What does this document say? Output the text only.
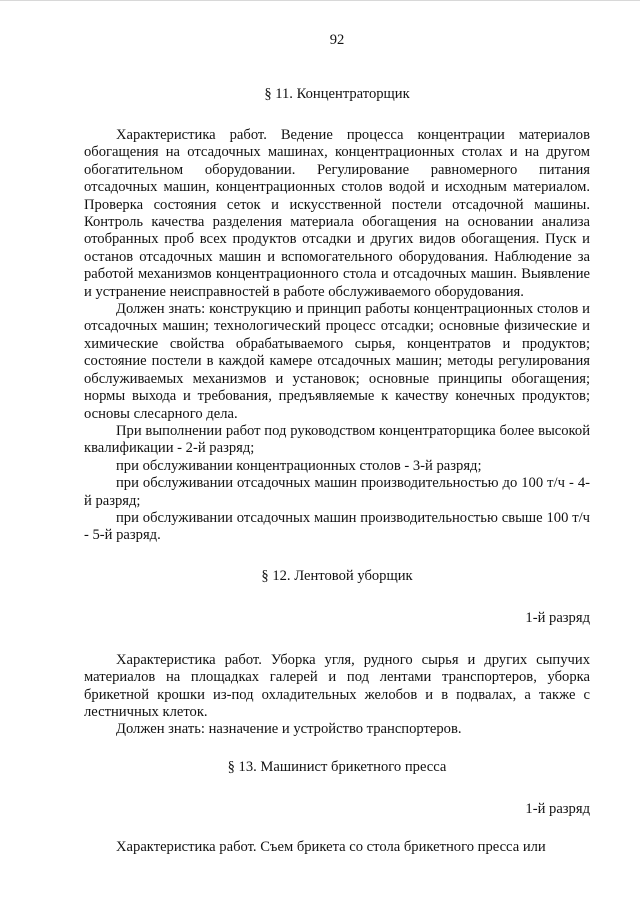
92
§ 11. Концентраторщик
Характеристика работ. Ведение процесса концентрации материалов обогащения на отсадочных машинах, концентрационных столах и на другом обогатительном оборудовании. Регулирование равномерного питания отсадочных машин, концентрационных столов водой и исходным материалом. Проверка состояния сеток и искусственной постели отсадочной машины. Контроль качества разделения материала обогащения на основании анализа отобранных проб всех продуктов отсадки и других видов обогащения. Пуск и останов отсадочных машин и вспомогательного оборудования. Наблюдение за работой механизмов концентрационного стола и отсадочных машин. Выявление и устранение неисправностей в работе обслуживаемого оборудования.
Должен знать: конструкцию и принцип работы концентрационных столов и отсадочных машин; технологический процесс отсадки; основные физические и химические свойства обрабатываемого сырья, концентратов и продуктов; состояние постели в каждой камере отсадочных машин; методы регулирования обслуживаемых механизмов и установок; основные принципы обогащения; нормы выхода и требования, предъявляемые к качеству конечных продуктов; основы слесарного дела.
При выполнении работ под руководством концентраторщика более высокой квалификации - 2-й разряд;
при обслуживании концентрационных столов - 3-й разряд;
при обслуживании отсадочных машин производительностью до 100 т/ч - 4-й разряд;
при обслуживании отсадочных машин производительностью свыше 100 т/ч - 5-й разряд.
§ 12. Лентовой уборщик
1-й разряд
Характеристика работ. Уборка угля, рудного сырья и других сыпучих материалов на площадках галерей и под лентами транспортеров, уборка брикетной крошки из-под охладительных желобов и в подвалах, а также с лестничных клеток.
Должен знать: назначение и устройство транспортеров.
§ 13. Машинист брикетного пресса
1-й разряд
Характеристика работ. Съем брикета со стола брикетного пресса или
